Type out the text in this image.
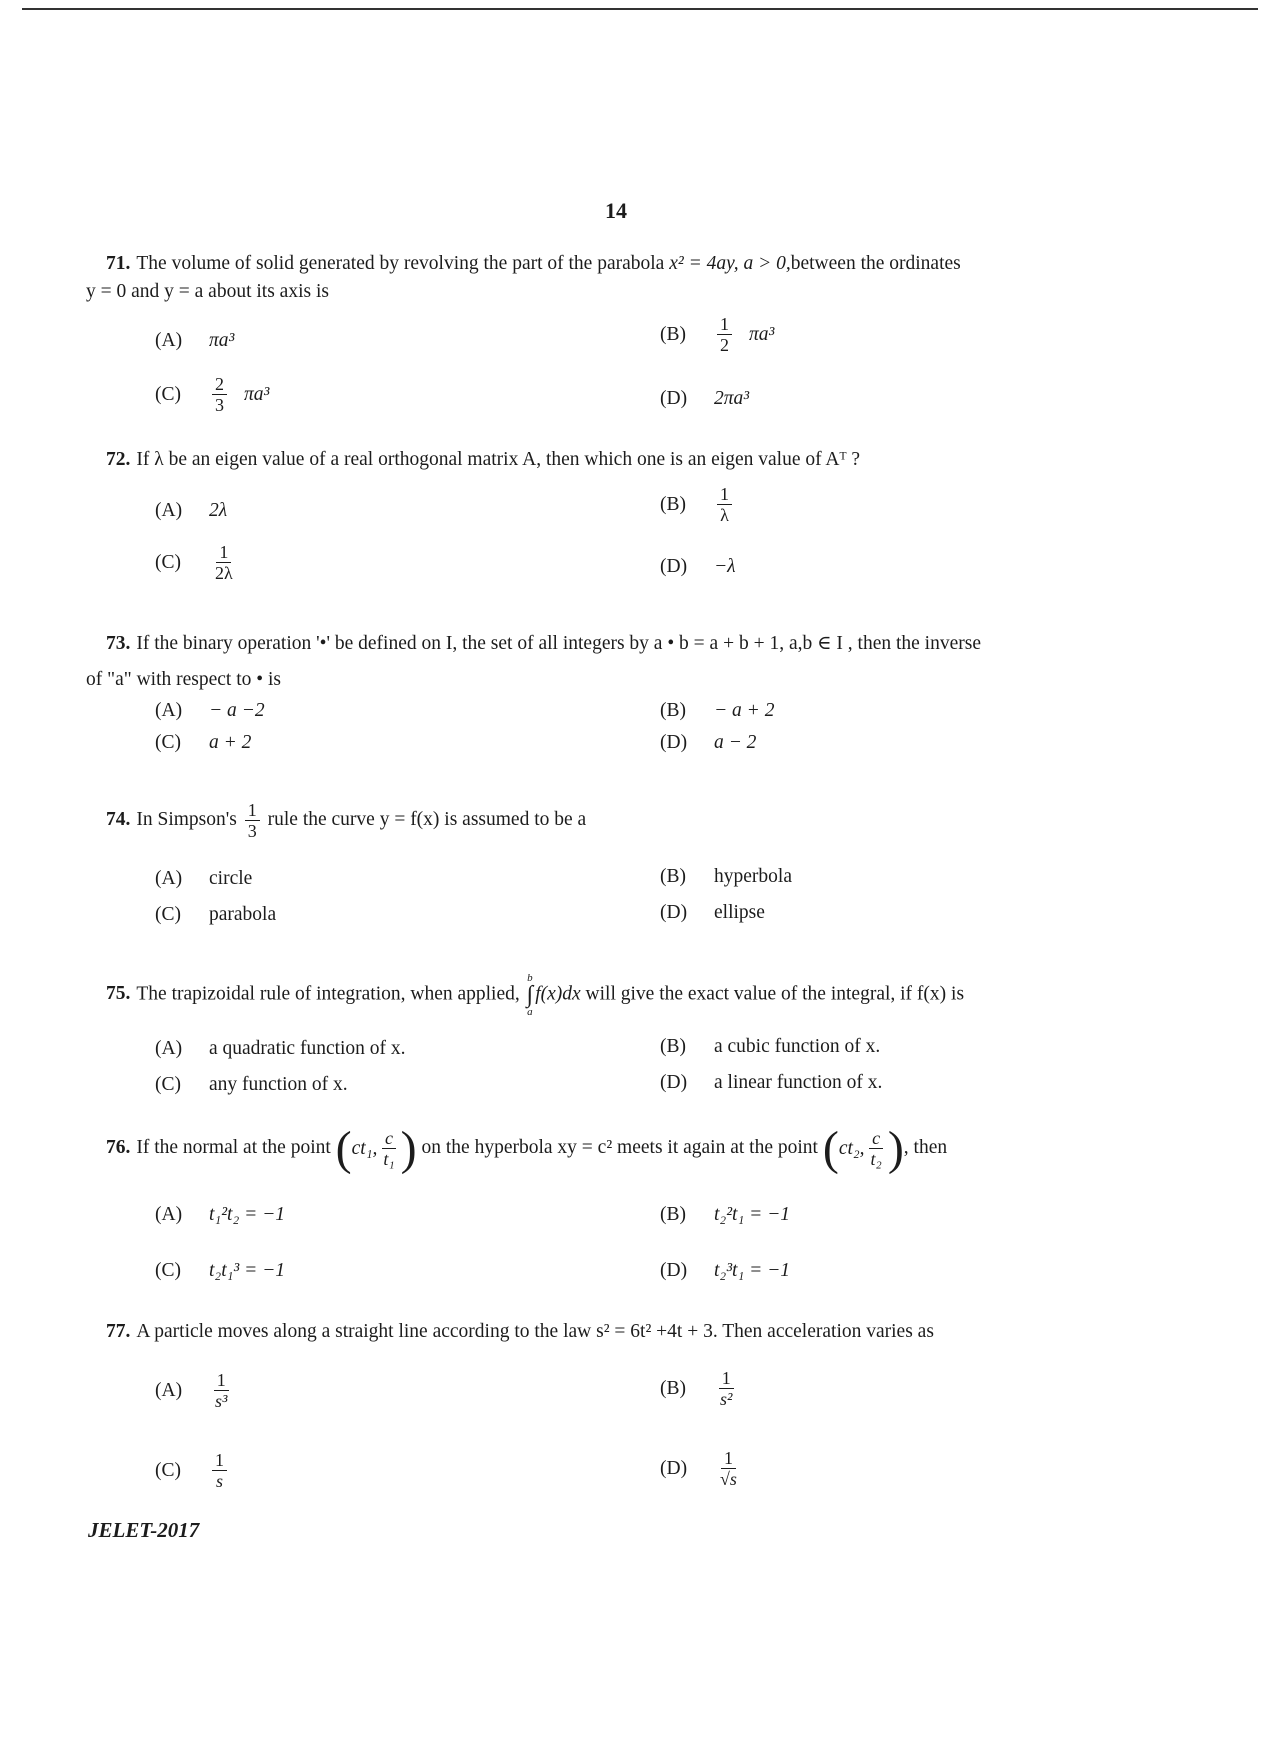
14
71. The volume of solid generated by revolving the part of the parabola x² = 4ay, a > 0,between the ordinates
y = 0 and y = a about its axis is
(A)	πa³	(B)	$\frac{1}{2} \pi a^3$
(C)	$\frac{2}{3} \pi a^3$	(D)	2πa³
72. If λ be an eigen value of a real orthogonal matrix A, then which one is an eigen value of Aᵀ ?
(A)	2λ	(B)	$\frac{1}{\lambda}$
(C)	$\frac{1}{2\lambda}$	(D)	−λ
73. If the binary operation '•' be defined on I, the set of all integers by a • b = a + b + 1, a,b ∈ I , then the inverse
of "a" with respect to • is
(A)	− a −2	(B)	− a + 2
(C)	a + 2	(D)	a − 2
74. In Simpson's $\frac{1}{3}$ rule the curve y = f(x) is assumed to be a
(A)	circle	(B)	hyperbola
(C)	parabola	(D)	ellipse
75. The trapizoidal rule of integration, when applied,
b
∫
a
f(x)dx will give the exact value of the integral, if f(x) is
(A)	a quadratic function of x.	(B)	a cubic function of x.
(C)	any function of x.	(D)	a linear function of x.
76. If the normal at the point ( ct₁, $\frac{c}{\text{t₁}}$ ) on the hyperbola xy = c² meets it again at the point ( ct₂, $\frac{c}{\text{t₂}}$ ) , then
(A)	t₁²t₂ = −1	(B)	t₂²t₁ = −1
(C)	t₂t₁³ = −1	(D)	t₂³t₁ = −1
77. A particle moves along a straight line according to the law s² = 6t² +4t + 3. Then acceleration varies as
(A)	$\frac{1}{\text{s³}}$	(B)	$\frac{1}{\text{s²}}$
(C)	$\frac{1}{s}$	(D)	$\frac{1}{√s}$
JELET-2017
